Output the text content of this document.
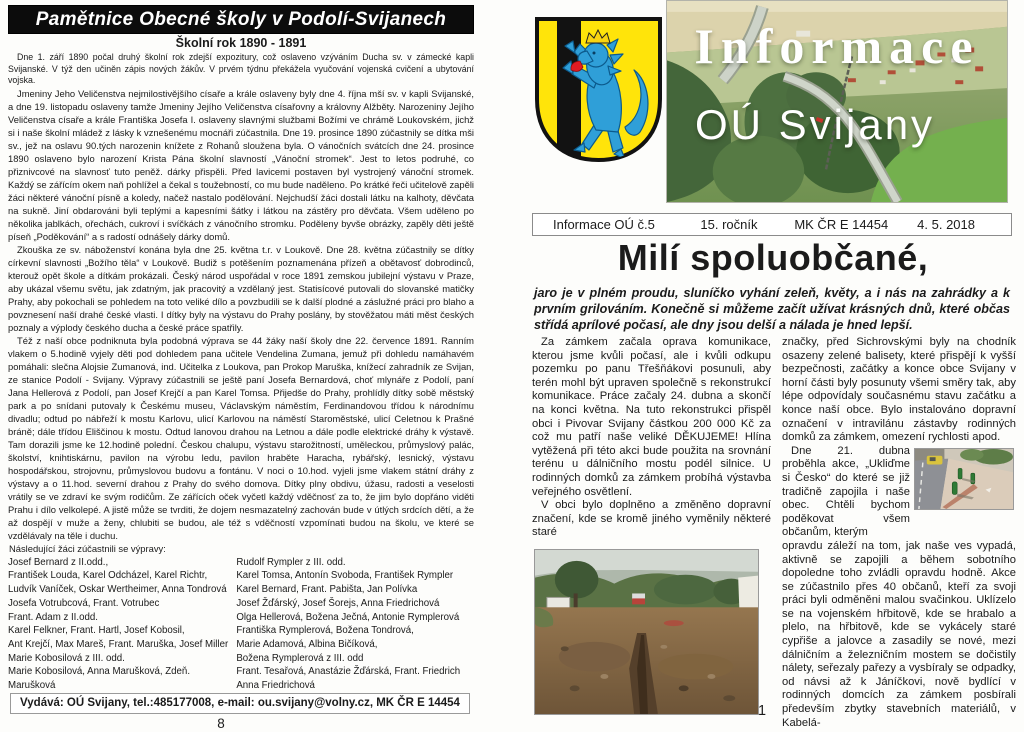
Pamětnice Obecné školy v Podolí-Svijanech
Školní rok 1890 - 1891

Dne 1. září 1890 počal druhý školní rok zdejší expozitury, což oslaveno vzýváním Ducha sv. v zámecké kapli Svijanské. V týž den učiněn zápis nových žákův. V prvém týdnu překážela vyučování vojenská cvičení a ubytování vojska.

Jmeniny Jeho Veličenstva nejmilostivějšího císaře a krále oslaveny byly dne 4. října mší sv. v kapli Svijanské, a dne 19. listopadu oslaveny tamže Jmeniny Jejího Veličenstva císařovny a královny Alžběty. Narozeniny Jejího Veličenstva císaře a krále Františka Josefa I. oslaveny slavnými službami Božími ve chrámě Loukovském, jichž si i naše školní mládež z lásky k vznešenému mocnáři zúčastnila. Dne 19. prosince 1890 zúčastnily se dítka mši sv., jež na oslavu 90.tých narozenin knížete z Rohanů sloužena byla. O vánočních svátcích dne 24. prosince 1890 oslaveno bylo narození Krista Pána školní slavností „Vánoční stromek“. Jest to letos podruhé, co přiznivcové na slavnosť tuto peněž. dárky přispěli. Před lavicemi postaven byl vystrojený vánoční stromek. Každý se zářícím okem naň pohlížel a čekal s toužebností, co mu bude naděleno. Po krátké řeči učitelově zapěli žáci některé vánoční písně a koledy, načež nastalo podělování. Nejchudší žáci dostali látku na kalhoty, děvčata na sukně. Jiní obdarováni byli teplými a kapesními šátky i látkou na zástěry pro děvčata. Všem uděleno po několika jablkách, ořechách, cukroví i svíčkách z vánočního stromku. Poděleny byvše obrázky, zapěly děti ještě píseň „Poděkování“ a s radostí odnášely dárky domů.

Zkouška ze sv. náboženství konána byla dne 25. května t.r. v Loukově. Dne 28. května zúčastnily se dítky církevní slavnosti „Božího těla“ v Loukově. Budiž s potěšením poznamenána přízeň a obětavosť dobrodinců, kterouž opět škole a dítkám prokázali. Český národ uspořádal v roce 1891 zemskou jubilejní výstavu v Praze, aby ukázal všemu světu, jak zdatným, jak pracovitý a vzdělaný jest. Statisícové putovali do slovanské matičky Prahy, aby pokochali se pohledem na toto veliké dílo a povzbudili se k další plodné a záslužné práci pro blaho a povznesení naší drahé české vlasti. I dítky byly na výstavu do Prahy poslány, by stověžatou máti měst českých poznaly a výplody českého ducha a české práce spatřily.

Též z naší obce podniknuta byla podobná výprava se 44 žáky naší školy dne 22. července 1891. Ranním vlakem o 5.hodině vyjely děti pod dohledem pana učitele Vendelina Zumana, jemuž při dohledu namáhavém pomáhali: slečna Alojsie Zumanová, ind. Učitelka z Loukova, pan Prokop Maruška, knížecí zahradník ze Svijan, ze stanice Podolí - Svijany. Výpravy zúčastnili se ještě paní Josefa Bernardová, choť mlynáře z Podolí, paní Jana Hellerová z Podolí, pan Josef Krejčí a pan Karel Tomsa. Přijedše do Prahy, prohlídly dítky sobě městský park a po snídani putovaly k Českému museu, Václavským náměstím, Ferdinandovou třídou k národnímu divadlu; odtud po nábřeží k mostu Karlovu, ulicí Karlovou na náměstí Staroměstské, ulicí Celetnou k Prašné bráně; dále třídou Eliščinou k mostu. Odtud lanovou drahou na Letnou a dále podle elektrické dráhy k výstavě. Tam dorazili jsme ke 12.hodině polední. Českou chalupu, výstavu starožitností, uměleckou, průmyslový palác, školství, knihtiskárnu, pavilon na výrobu ledu, pavilon hraběte Haracha, rybářský, lesnický, výstavu hospodářskou, strojovnu, průmyslovou budovu a fontánu. V noci o 10.hod. vyjeli jsme vlakem státní dráhy z výstavy a o 11.hod. severní drahou z Prahy do svého domova. Dítky plny obdivu, úžasu, radosti a veselosti vrátily se ve zdraví ke svým rodičům. Ze zářících oček vyčetl každý vděčnosť za to, že jim bylo dopřáno viděti Prahu i dílo velkolepé. A jistě může se tvrditi, že dojem nesmazatelný zachován bude v útlých srdcích dětí, a že až dospějí v muže a ženy, chlubiti se budou, ale též s vděčností vzpomínati budou na školu, ve které se vzdělávaly na těle i duchu.

Následující žáci zúčastnili se výpravy:

Josef Bernard z II.odd.,
František Louda, Karel Odcházel, Karel Richtr,
Ludvík Vaníček, Oskar Wertheimer, Anna Tondrová
Josefa Votrubcová, Frant. Votrubec
Frant. Adam z II.odd.
Karel Felkner, Frant. Hartl, Josef Kobosil,
Ant Krejčí, Max Mareš, Frant. Maruška, Josef Miller
Marie Kobosilová z III. odd.
Marie Kobosilová, Anna Marušková, Zdeň. Marušková
Rudolf Rympler z III. odd.
Karel Tomsa, Antonín Svoboda, František Rympler
Karel Bernard, Frant. Pabišta, Jan Polívka
Josef Žďárský, Josef Šorejs, Anna Friedrichová
Olga Hellerová, Božena Ječná, Antonie Rymplerová
Františka Rymplerová, Božena Tondrová,
Marie Adamová, Albina Bičíková,
Božena Rymplerová z III. odd
Frant. Tesařová, Anastázie Žďárská, Frant. Friedrich
Anna Friedrichová

Vydává: OÚ Svijany, tel.:485177008, e-mail: ou.svijany@volny.cz, MK ČR E 14454
8
Informace
OÚ Svijany
Informace OÚ č.5	15. ročník	MK ČR E 14454	4. 5. 2018
Milí spoluobčané,

jaro je v plném proudu, sluníčko vyhání zeleň, květy, a i nás na zahrádky a k prvním grilováním. Konečně si můžeme začít užívat krásných dnů, které občas střídá aprílové počasí, ale dny jsou delší a nálada je hned lepší.

Za zámkem začala oprava komunikace, kterou jsme kvůli počasí, ale i kvůli odkupu pozemku po panu Třešňákovi posunuli, aby terén mohl být upraven společně s rekonstrukcí komunikace. Práce začaly 24. dubna a skončí na konci května. Na tuto rekonstrukci přispěl obci i Pivovar Svijany částkou 200 000 Kč za což mu patří naše veliké DĚKUJEME! Hlína vytěžená při této akci bude použita na srovnání terénu u dálničního mostu podél silnice. U rodinných domků za zámkem probíhá výstavba veřejného osvětlení.

V obci bylo doplněno a změněno dopravní značení, kde se kromě jiného vyměnily některé staré

značky, před Sichrovskými byly na chodník osazeny zelené balisety, které přispějí k vyšší bezpečnosti, začátky a konce obce Svijany v horní části byly posunuty všemi směry tak, aby lépe odpovídaly současnému stavu začátku a konce naší obce. Bylo instalováno dopravní označení v intravilánu zástavby rodinných domků za zámkem, omezení rychlosti apod.

Dne 21. dubna proběhla akce, „Ukliďme si Česko“ do které se již tradičně zapojila i naše obec. Chtěli bychom poděkovat všem občanům, kterým

opravdu záleží na tom, jak naše ves vypadá, aktivně se zapojili a během sobotního dopoledne toho zvládli opravdu hodně. Akce se zúčastnilo přes 40 občanů, kteří za svoji práci byli odměněni malou svačinkou. Uklízelo se na vojenském hřbitově, kde se hrabalo a plelo, na hřbitově, kde se vykácely staré cypřiše a jalovce a zasadily se nové, mezi dálničním a železničním mostem se dočistily nálety, seřezaly pařezy a vysbíraly se odpadky, od návsi až k Jáníčkovi, nově bydlící v rodinných domcích za zámkem posbírali především zbytky stavebních materiálů, v Kabelá-

1
